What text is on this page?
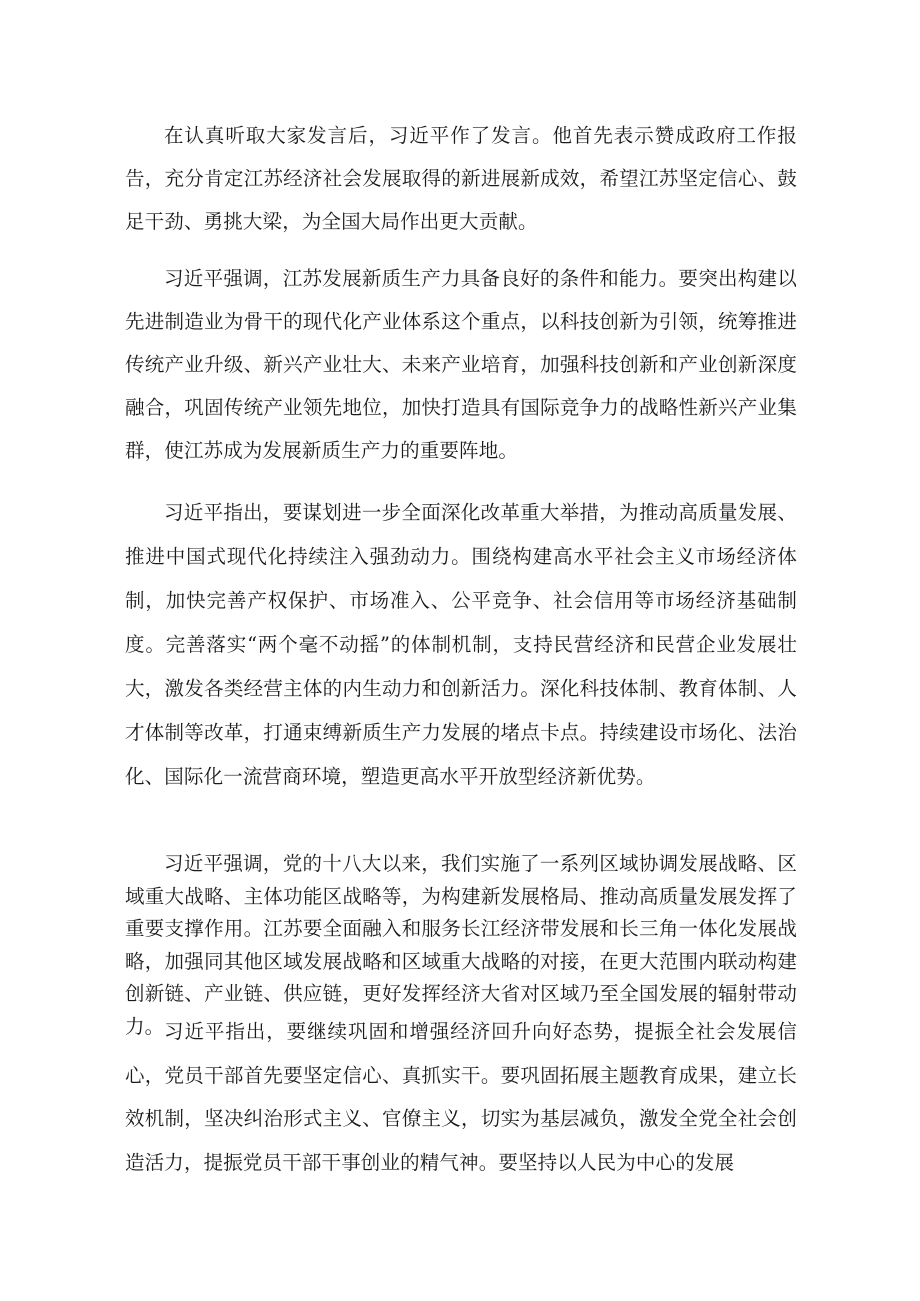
在认真听取大家发言后，习近平作了发言。他首先表示赞成政府工作报告，充分肯定江苏经济社会发展取得的新进展新成效，希望江苏坚定信心、鼓足干劲、勇挑大梁，为全国大局作出更大贡献。

习近平强调，江苏发展新质生产力具备良好的条件和能力。要突出构建以先进制造业为骨干的现代化产业体系这个重点，以科技创新为引领，统筹推进传统产业升级、新兴产业壮大、未来产业培育，加强科技创新和产业创新深度融合，巩固传统产业领先地位，加快打造具有国际竞争力的战略性新兴产业集群，使江苏成为发展新质生产力的重要阵地。

习近平指出，要谋划进一步全面深化改革重大举措，为推动高质量发展、推进中国式现代化持续注入强劲动力。围绕构建高水平社会主义市场经济体制，加快完善产权保护、市场准入、公平竞争、社会信用等市场经济基础制度。完善落实“两个毫不动摇”的体制机制，支持民营经济和民营企业发展壮大，激发各类经营主体的内生动力和创新活力。深化科技体制、教育体制、人才体制等改革，打通束缚新质生产力发展的堵点卡点。持续建设市场化、法治化、国际化一流营商环境，塑造更高水平开放型经济新优势。

习近平强调，党的十八大以来，我们实施了一系列区域协调发展战略、区域重大战略、主体功能区战略等，为构建新发展格局、推动高质量发展发挥了重要支撑作用。江苏要全面融入和服务长江经济带发展和长三角一体化发展战略，加强同其他区域发展战略和区域重大战略的对接，在更大范围内联动构建创新链、产业链、供应链，更好发挥经济大省对区域乃至全国发展的辐射带动力。 习近平指出，要继续巩固和增强经济回升向好态势，提振全社会发展信心，党员干部首先要坚定信心、真抓实干。要巩固拓展主题教育成果，建立长效机制，坚决纠治形式主义、官僚主义，切实为基层减负，激发全党全社会创造活力，提振党员干部干事创业的精气神。要坚持以人民为中心的发展
